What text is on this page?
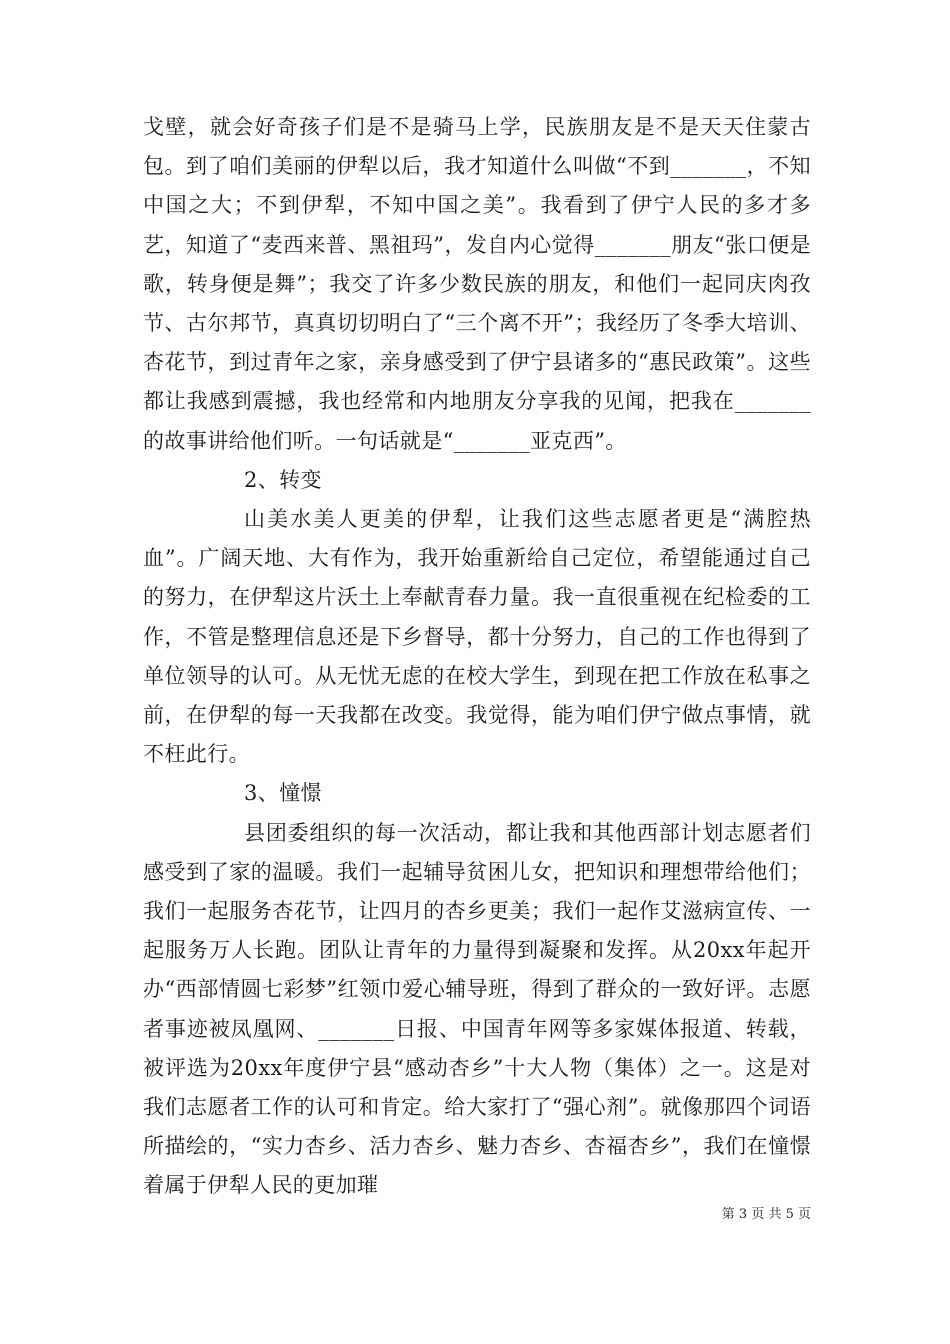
戈壁，就会好奇孩子们是不是骑马上学，民族朋友是不是天天住蒙古包。到了咱们美丽的伊犁以后，我才知道什么叫做“不到_______，不知中国之大；不到伊犁，不知中国之美”。我看到了伊宁人民的多才多艺，知道了“麦西来普、黑祖玛”，发自内心觉得_______朋友“张口便是歌，转身便是舞”；我交了许多少数民族的朋友，和他们一起同庆肉孜节、古尔邦节，真真切切明白了“三个离不开”；我经历了冬季大培训、杏花节，到过青年之家，亲身感受到了伊宁县诸多的“惠民政策”。这些都让我感到震撼，我也经常和内地朋友分享我的见闻，把我在_______的故事讲给他们听。一句话就是“_______亚克西”。

2、转变

山美水美人更美的伊犁，让我们这些志愿者更是“满腔热血”。广阔天地、大有作为，我开始重新给自己定位，希望能通过自己的努力，在伊犁这片沃土上奉献青春力量。我一直很重视在纪检委的工作，不管是整理信息还是下乡督导，都十分努力，自己的工作也得到了单位领导的认可。从无忧无虑的在校大学生，到现在把工作放在私事之前，在伊犁的每一天我都在改变。我觉得，能为咱们伊宁做点事情，就不枉此行。

3、憧憬

县团委组织的每一次活动，都让我和其他西部计划志愿者们感受到了家的温暖。我们一起辅导贫困儿女，把知识和理想带给他们；我们一起服务杏花节，让四月的杏乡更美；我们一起作艾滋病宣传、一起服务万人长跑。团队让青年的力量得到凝聚和发挥。从20xx年起开办“西部情圆七彩梦”红领巾爱心辅导班，得到了群众的一致好评。志愿者事迹被凤凰网、_______日报、中国青年网等多家媒体报道、转载，被评选为20xx年度伊宁县“感动杏乡”十大人物（集体）之一。这是对我们志愿者工作的认可和肯定。给大家打了“强心剂”。就像那四个词语所描绘的，“实力杏乡、活力杏乡、魅力杏乡、杏福杏乡”，我们在憧憬着属于伊犁人民的更加璀

第 3 页 共 5 页
